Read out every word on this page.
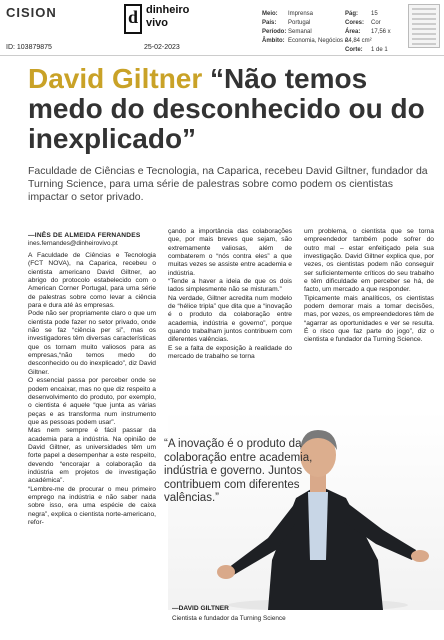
CISION
ID: 103879875
d dinheiro
vivo
25-02-2023
Meio: Imprensa
País: Portugal
Período: Semanal
Âmbito: Economia, Negócios e.
Pág: 15
Cores: Cor
Área: 17,56 x 24,84 cm²
Corte: 1 de 1
David Giltner “Não temos medo do desconhecido ou do inexplicado”
Faculdade de Ciências e Tecnologia, na Caparica, recebeu David Giltner, fundador da Turning Science, para uma série de palestras sobre como podem os cientistas impactar o setor privado.
—INÊS DE ALMEIDA FERNANDES
ines.fernandes@dinheirovivo.pt
A Faculdade de Ciências e Tecnologia (FCT NOVA), na Caparica, recebeu o cientista americano David Giltner, ao abrigo do protocolo estabelecido com o American Corner Portugal, para uma série de palestras sobre como levar a ciência para e dura até às empresas.
Pode não ser propriamente claro o que um cientista pode fazer no setor privado, onde não se faz “ciência per si”, mas os investigadores têm diversas características que os tornam muito valiosos para as empresas,“não temos medo do desconhecido ou do inexplicado”, diz David Giltner.
O essencial passa por perceber onde se podem encaixar, mas no que diz respeito a desenvolvimento do produto, por exemplo, o cientista é aquele “que junta as várias peças e as transforma num instrumento que as pessoas podem usar”.
Mas nem sempre é fácil passar da academia para a indústria. Na opinião de David Giltner, as universidades têm um forte papel a desempenhar a este respeito, devendo “encorajar a colaboração da indústria em projetos de investigação académica”.
“Lembre-me de procurar o meu primeiro emprego na indústria e não saber nada sobre isso, era uma espécie de caixa negra”, explica o cientista norte-americano, refor-
çando a importância das colaborações que, por mais breves que sejam, são extremamente valiosas, além de combaterem o “nós contra eles” a que muitas vezes se assiste entre academia e indústria.
“Tende a haver a ideia de que os dois lados simplesmente não se misturam.”
Na verdade, Giltner acredita num modelo de “hélice tripla” que dita que a “inovação é o produto da colaboração entre academia, indústria e governo”, porque quando trabalham juntos contribuem com diferentes valências.
E se a falta de exposição à realidade do mercado de trabalho se torna
um problema, o cientista que se torna empreendedor também pode sofrer do outro mal – estar enfeitiçado pela sua investigação. David Giltner explica que, por vezes, os cientistas podem não conseguir ser suficientemente críticos do seu trabalho e têm dificuldade em perceber se há, de facto, um mercado a que responder.
Tipicamente mais analíticos, os cientistas podem demorar mais a tomar decisões, mas, por vezes, os empreendedores têm de “agarrar as oportunidades e ver se resulta. É o risco que faz parte do jogo”, diz o cientista e fundador da Turning Science.
“A inovação é o produto da colaboração entre academia, indústria e governo. Juntos contribuem com diferentes valências.”
—DAVID GILTNER
Cientista e fundador da Turning Science
